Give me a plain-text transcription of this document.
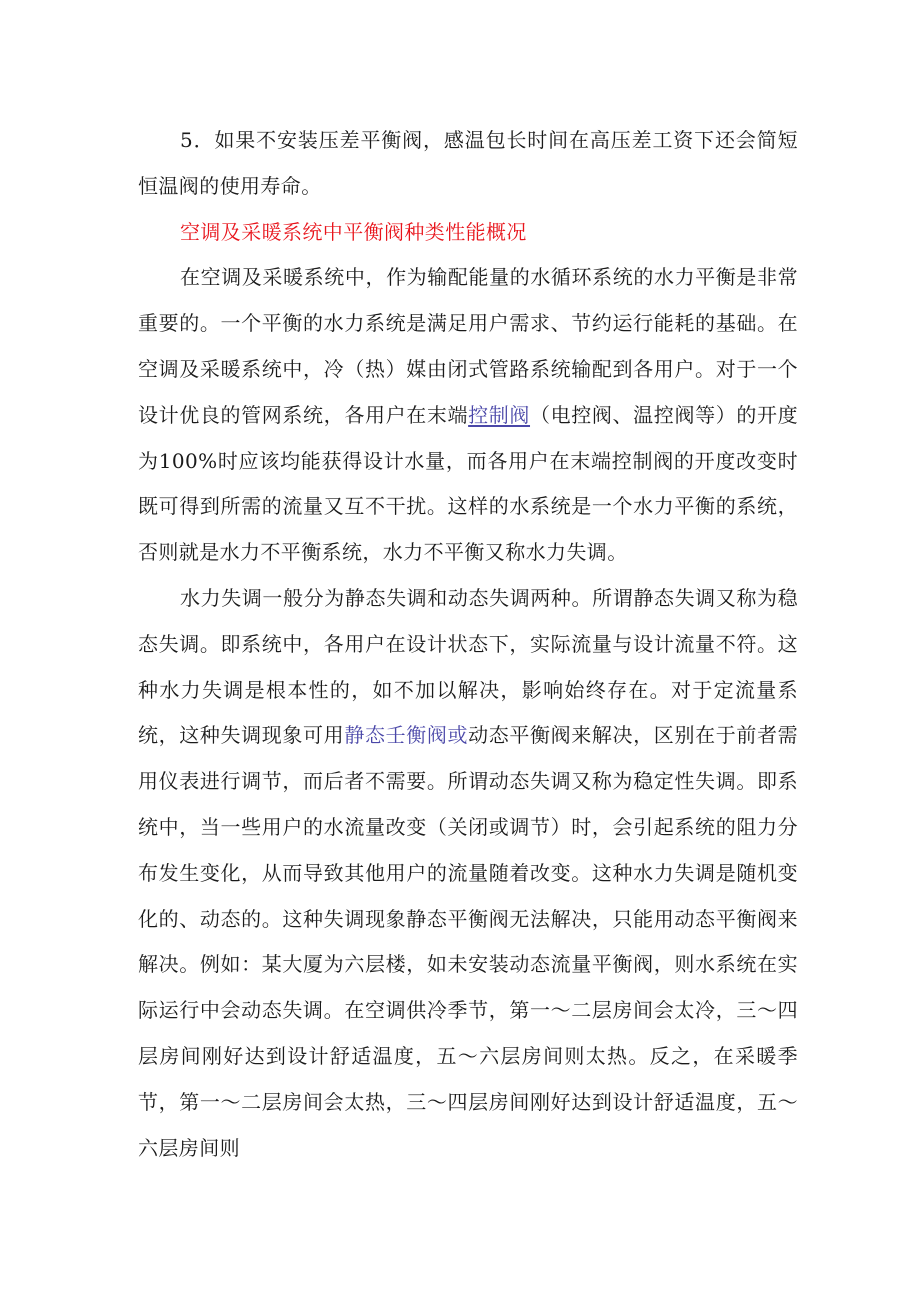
5．如果不安装压差平衡阀，感温包长时间在高压差工资下还会简短恒温阀的使用寿命。

空调及采暖系统中平衡阀种类性能概况

在空调及采暖系统中，作为输配能量的水循环系统的水力平衡是非常重要的。一个平衡的水力系统是满足用户需求、节约运行能耗的基础。在空调及采暖系统中，冷（热）媒由闭式管路系统输配到各用户。对于一个设计优良的管网系统，各用户在末端控制阀（电控阀、温控阀等）的开度为100%时应该均能获得设计水量，而各用户在末端控制阀的开度改变时既可得到所需的流量又互不干扰。这样的水系统是一个水力平衡的系统，否则就是水力不平衡系统，水力不平衡又称水力失调。

水力失调一般分为静态失调和动态失调两种。所谓静态失调又称为稳态失调。即系统中，各用户在设计状态下，实际流量与设计流量不符。这种水力失调是根本性的，如不加以解决，影响始终存在。对于定流量系统，这种失调现象可用静态壬衡阀或动态平衡阀来解决，区别在于前者需用仪表进行调节，而后者不需要。所谓动态失调又称为稳定性失调。即系统中，当一些用户的水流量改变（关闭或调节）时，会引起系统的阻力分布发生变化，从而导致其他用户的流量随着改变。这种水力失调是随机变化的、动态的。这种失调现象静态平衡阀无法解决，只能用动态平衡阀来解决。例如：某大厦为六层楼，如未安装动态流量平衡阀，则水系统在实际运行中会动态失调。在空调供冷季节，第一～二层房间会太冷，三～四层房间刚好达到设计舒适温度，五～六层房间则太热。反之，在采暖季节，第一～二层房间会太热，三～四层房间刚好达到设计舒适温度，五～六层房间则
